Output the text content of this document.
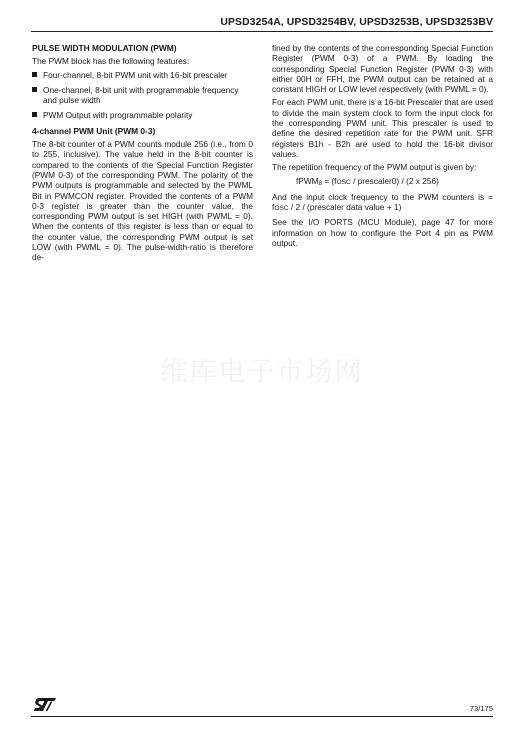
UPSD3254A, UPSD3254BV, UPSD3253B, UPSD3253BV

PULSE WIDTH MODULATION (PWM)

The PWM block has the following features:

Four-channel, 8-bit PWM unit with 16-bit prescaler
One-channel, 8-bit unit with programmable frequency and pulse width
PWM Output with programmable polarity

4-channel PWM Unit (PWM 0-3)

The 8-bit counter of a PWM counts module 256 (i.e., from 0 to 255, inclusive). The value held in the 8-bit counter is compared to the contents of the Special Function Register (PWM 0-3) of the corresponding PWM. The polarity of the PWM outputs is programmable and selected by the PWML Bit in PWMCON register. Provided the contents of a PWM 0-3 register is greater than the counter value, the corresponding PWM output is set HIGH (with PWML = 0). When the contents of this register is less than or equal to the counter value, the corresponding PWM output is set LOW (with PWML = 0). The pulse-width-ratio is therefore de-

fined by the contents of the corresponding Special Function Register (PWM 0-3) of a PWM. By loading the corresponding Special Function Register (PWM 0-3) with either 00H or FFH, the PWM output can be retained at a constant HIGH or LOW level respectively (with PWML = 0).

For each PWM unit, there is a 16-bit Prescaler that are used to divide the main system clock to form the input clock for the corresponding PWM unit. This prescaler is used to define the desired repetition rate for the PWM unit. SFR registers B1h - B2h are used to hold the 16-bit divisor values.

The repetition frequency of the PWM output is given by:

fPWM$_8$ = (fOSC / prescaler0) / (2 x 256)

And the input clock frequency to the PWM counters is = fOSC / 2 / (prescaler data value + 1)

See the I/O PORTS (MCU Module), page 47 for more information on how to configure the Port 4 pin as PWM output.

维库电子市场网
73/175
